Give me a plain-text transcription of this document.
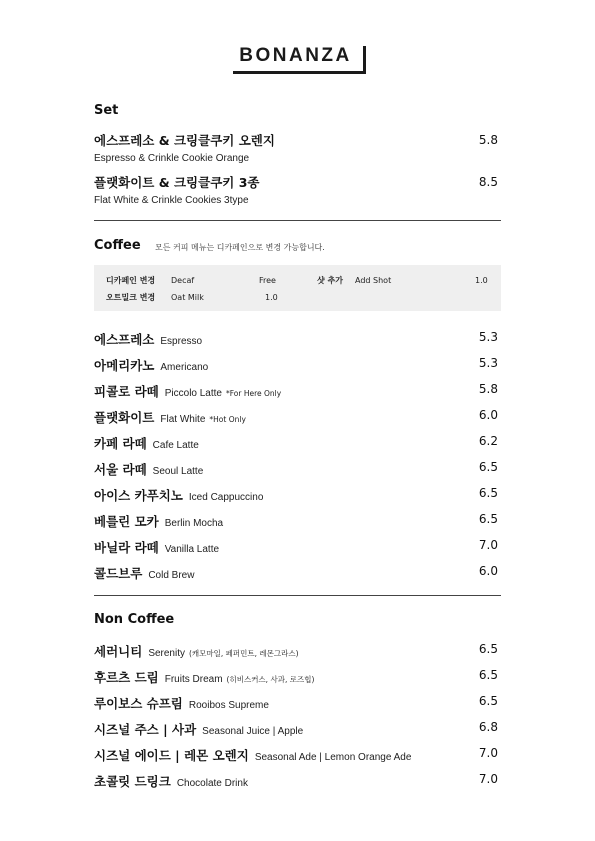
BONANZA
Set
에스프레소 & 크링클쿠키 오렌지
Espresso & Crinkle Cookie Orange
5.8
플랫화이트 & 크링클쿠키 3종
Flat White & Crinkle Cookies 3type
8.5
Coffee 모든 커피 메뉴는 디카페인으로 변경 가능합니다.
디카페인 변경 Decaf	Free	샷 추가 Add Shot	1.0
오트밀크 변경 Oat Milk	1.0
에스프레소 Espresso	5.3
아메리카노 Americano	5.3
피콜로 라떼 Piccolo Latte *For Here Only	5.8
플랫화이트 Flat White *Hot Only	6.0
카페 라떼 Cafe Latte	6.2
서울 라떼 Seoul Latte	6.5
아이스 카푸치노 Iced Cappuccino	6.5
베를린 모카 Berlin Mocha	6.5
바닐라 라떼 Vanilla Latte	7.0
콜드브루 Cold Brew	6.0
Non Coffee
세러니티 Serenity (캐모마일, 페퍼민트, 레몬그라스)	6.5
후르츠 드림 Fruits Dream (히비스커스, 사과, 로즈힙)	6.5
루이보스 슈프림 Rooibos Supreme	6.5
시즈널 주스 | 사과 Seasonal Juice | Apple	6.8
시즈널 에이드 | 레몬 오렌지 Seasonal Ade | Lemon Orange Ade	7.0
초콜릿 드링크 Chocolate Drink	7.0
